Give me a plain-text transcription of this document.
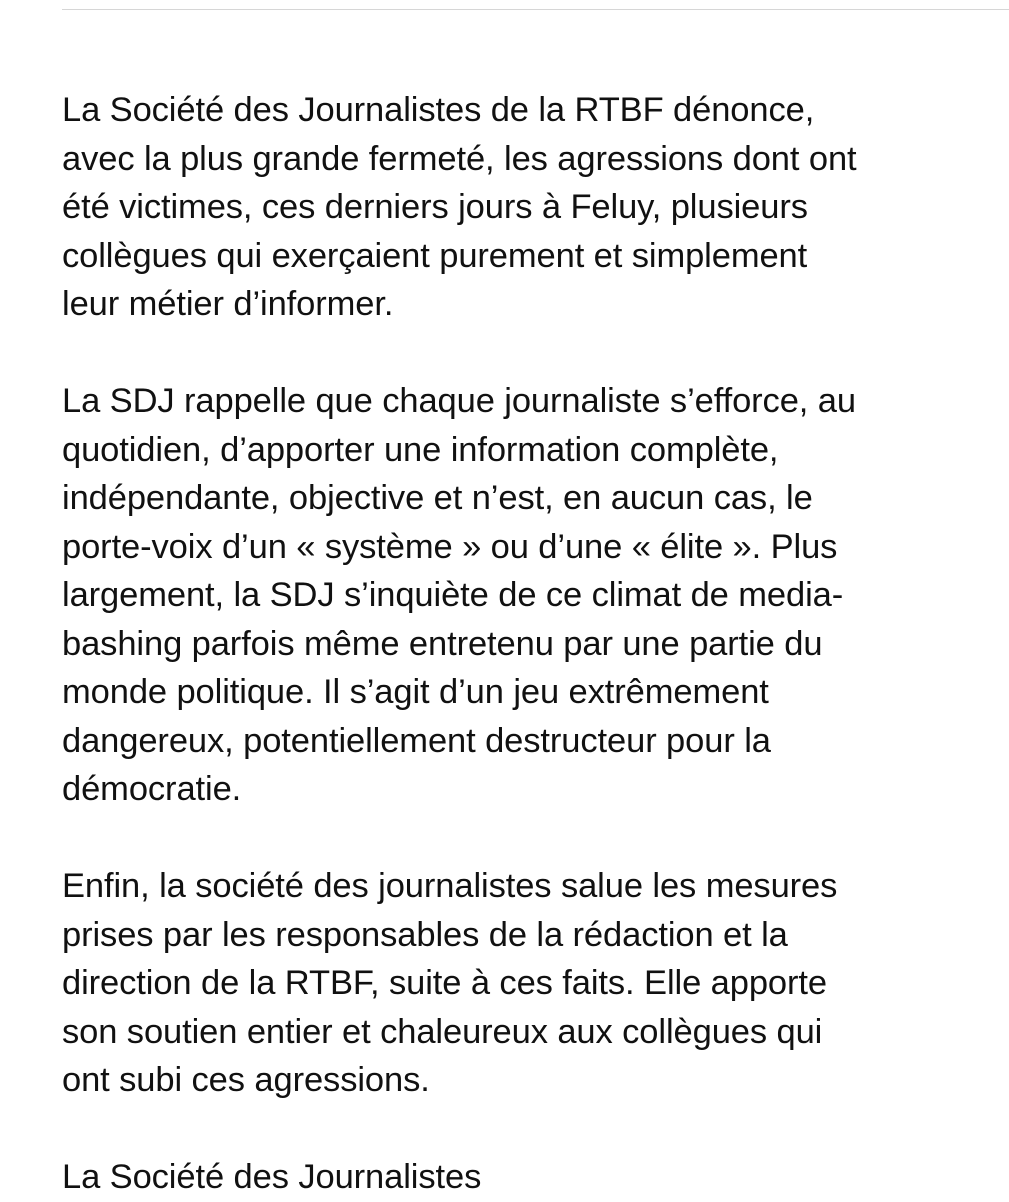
La Société des Journalistes de la RTBF dénonce,
avec la plus grande fermeté, les agressions dont ont
été victimes, ces derniers jours à Feluy, plusieurs
collègues qui exerçaient purement et simplement
leur métier d’informer.

La SDJ rappelle que chaque journaliste s’efforce, au
quotidien, d’apporter une information complète,
indépendante, objective et n’est, en aucun cas, le
porte-voix d’un « système » ou d’une « élite ». Plus
largement, la SDJ s’inquiète de ce climat de media-
bashing parfois même entretenu par une partie du
monde politique. Il s’agit d’un jeu extrêmement
dangereux, potentiellement destructeur pour la
démocratie.

Enfin, la société des journalistes salue les mesures
prises par les responsables de la rédaction et la
direction de la RTBF, suite à ces faits. Elle apporte
son soutien entier et chaleureux aux collègues qui
ont subi ces agressions.

La Société des Journalistes
